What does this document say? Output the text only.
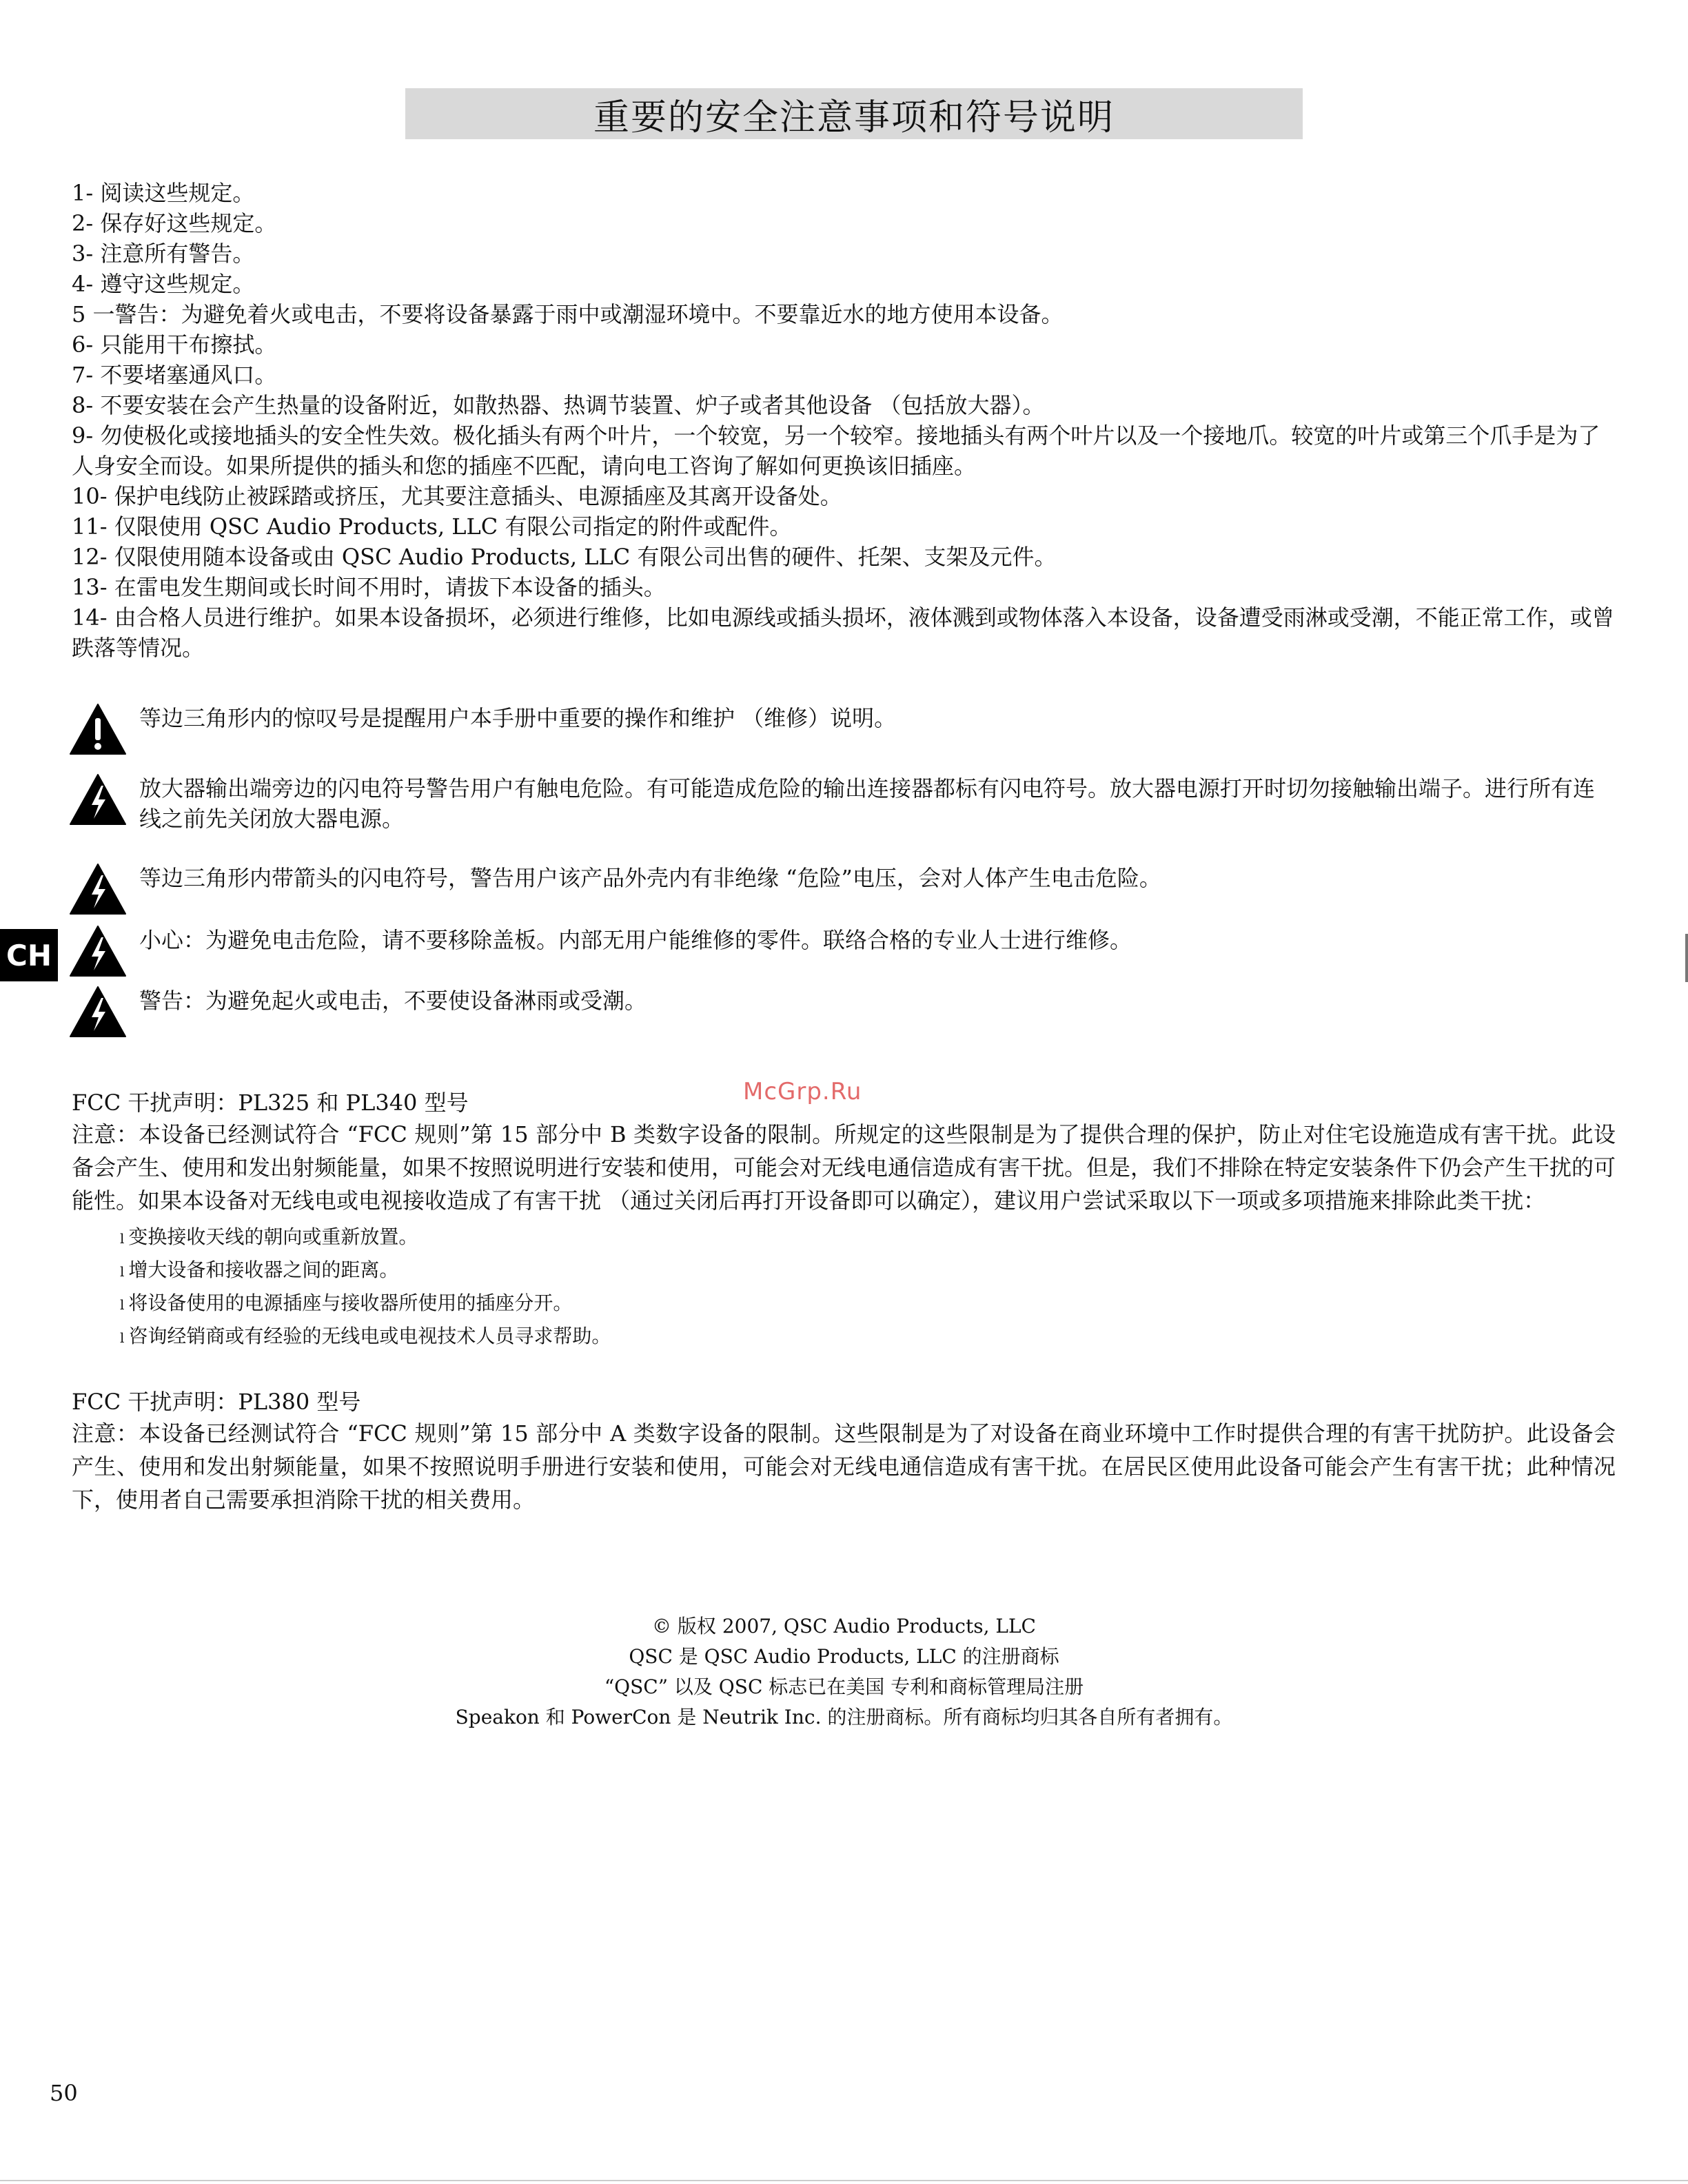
重要的安全注意事项和符号说明
1- 阅读这些规定。
2- 保存好这些规定。
3- 注意所有警告。
4- 遵守这些规定。
5 一警告：为避免着火或电击，不要将设备暴露于雨中或潮湿环境中。不要靠近水的地方使用本设备。
6- 只能用干布擦拭。
7- 不要堵塞通风口。
8- 不要安装在会产生热量的设备附近，如散热器、热调节装置、炉子或者其他设备 （包括放大器）。
9- 勿使极化或接地插头的安全性失效。极化插头有两个叶片，一个较宽，另一个较窄。接地插头有两个叶片以及一个接地爪。较宽的叶片或第三个爪手是为了人身安全而设。如果所提供的插头和您的插座不匹配，请向电工咨询了解如何更换该旧插座。
10- 保护电线防止被踩踏或挤压，尤其要注意插头、电源插座及其离开设备处。
11- 仅限使用 QSC Audio Products, LLC 有限公司指定的附件或配件。
12- 仅限使用随本设备或由 QSC Audio Products, LLC 有限公司出售的硬件、托架、支架及元件。
13- 在雷电发生期间或长时间不用时，请拔下本设备的插头。
14- 由合格人员进行维护。如果本设备损坏，必须进行维修，比如电源线或插头损坏，液体溅到或物体落入本设备，设备遭受雨淋或受潮，不能正常工作，或曾跌落等情况。
等边三角形内的惊叹号是提醒用户本手册中重要的操作和维护 （维修）说明。
放大器输出端旁边的闪电符号警告用户有触电危险。有可能造成危险的输出连接器都标有闪电符号。放大器电源打开时切勿接触输出端子。进行所有连线之前先关闭放大器电源。
等边三角形内带箭头的闪电符号，警告用户该产品外壳内有非绝缘 “危险”电压，会对人体产生电击危险。
小心：为避免电击危险，请不要移除盖板。内部无用户能维修的零件。联络合格的专业人士进行维修。
警告：为避免起火或电击，不要使设备淋雨或受潮。
CH
McGrp.Ru
FCC 干扰声明：PL325 和 PL340 型号
注意：本设备已经测试符合 “FCC 规则”第 15 部分中 B 类数字设备的限制。所规定的这些限制是为了提供合理的保护，防止对住宅设施造成有害干扰。此设备会产生、使用和发出射频能量，如果不按照说明进行安装和使用，可能会对无线电通信造成有害干扰。但是，我们不排除在特定安装条件下仍会产生干扰的可能性。如果本设备对无线电或电视接收造成了有害干扰 （通过关闭后再打开设备即可以确定），建议用户尝试采取以下一项或多项措施来排除此类干扰：
l 变换接收天线的朝向或重新放置。
l 增大设备和接收器之间的距离。
l 将设备使用的电源插座与接收器所使用的插座分开。
l 咨询经销商或有经验的无线电或电视技术人员寻求帮助。
FCC 干扰声明：PL380 型号
注意：本设备已经测试符合 “FCC 规则”第 15 部分中 A 类数字设备的限制。这些限制是为了对设备在商业环境中工作时提供合理的有害干扰防护。此设备会产生、使用和发出射频能量，如果不按照说明手册进行安装和使用，可能会对无线电通信造成有害干扰。在居民区使用此设备可能会产生有害干扰；此种情况下，使用者自己需要承担消除干扰的相关费用。
© 版权 2007, QSC Audio Products, LLC
QSC 是 QSC Audio Products, LLC 的注册商标
“QSC” 以及 QSC 标志已在美国 专利和商标管理局注册
Speakon 和 PowerCon 是 Neutrik Inc. 的注册商标。所有商标均归其各自所有者拥有。
50
